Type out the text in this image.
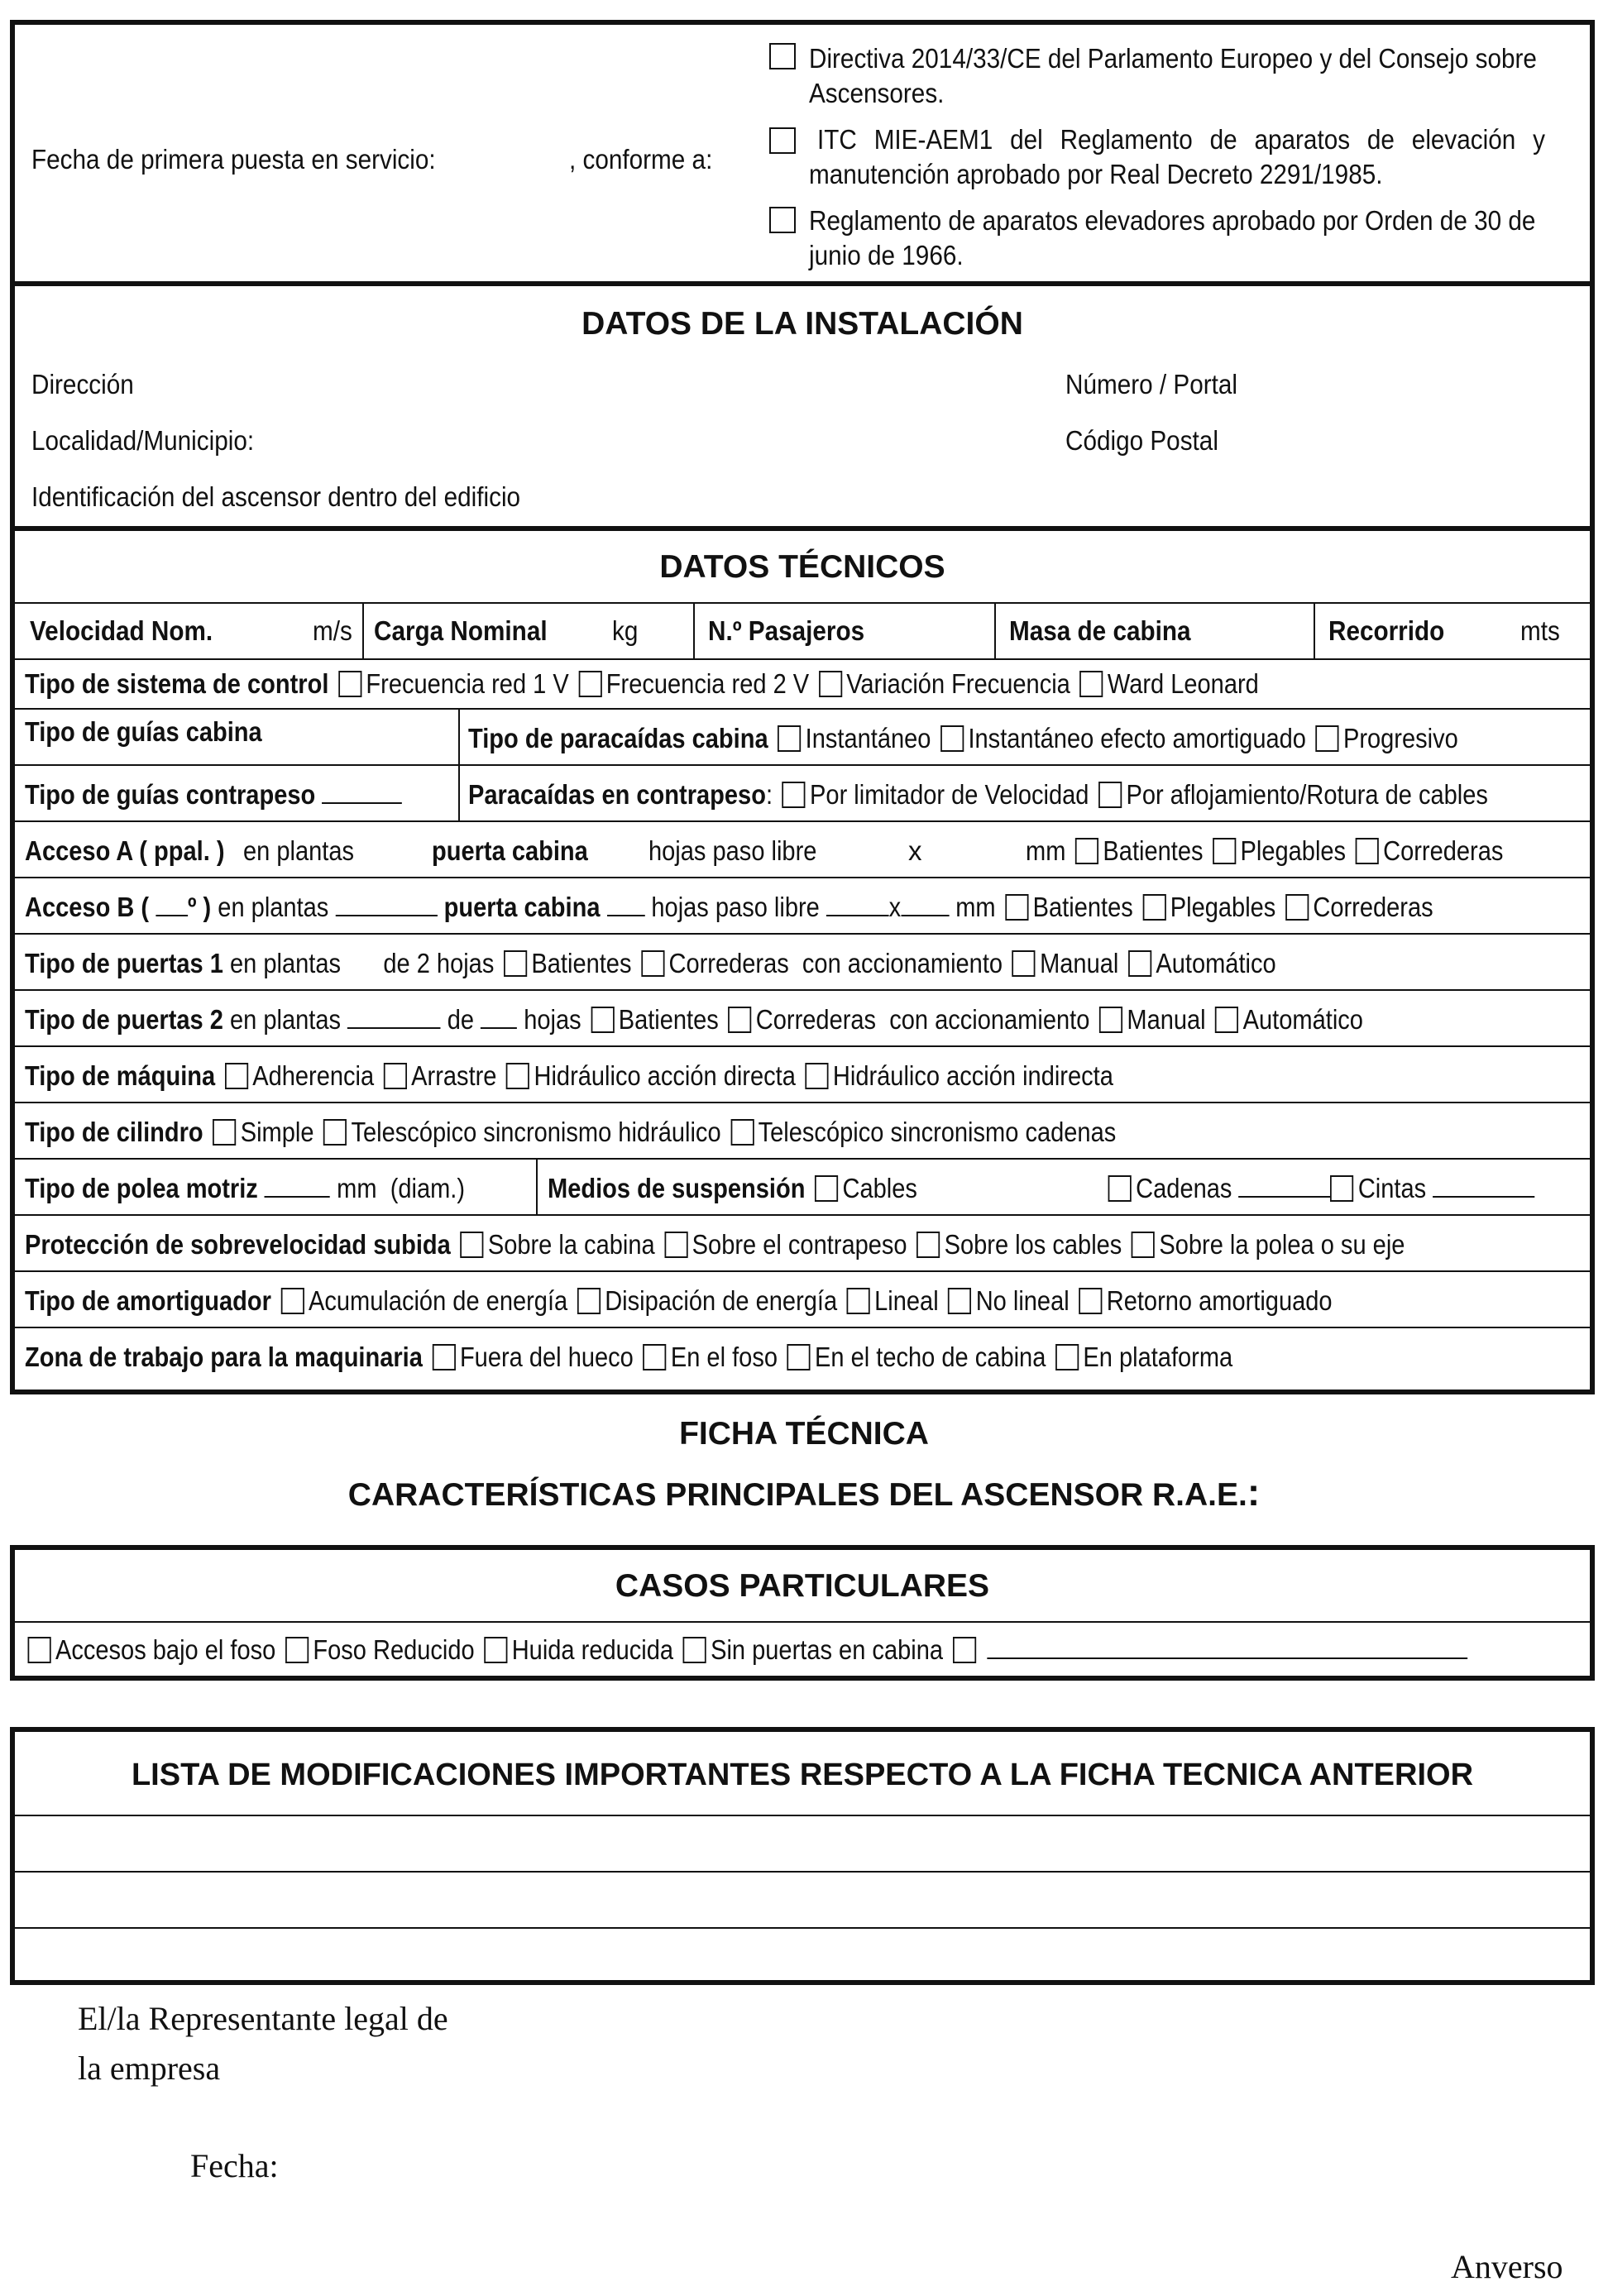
Fecha de primera puesta en servicio:	, conforme a:
Directiva 2014/33/CE del Parlamento Europeo y del Consejo sobre
Ascensores.
ITC MIE-AEM1 del Reglamento de aparatos de elevación y
manutención aprobado por Real Decreto 2291/1985.
Reglamento de aparatos elevadores aprobado por Orden de 30 de
junio de 1966.
DATOS DE LA INSTALACIÓN
Dirección	Número / Portal
Localidad/Municipio:	Código Postal
Identificación del ascensor dentro del edificio
DATOS TÉCNICOS
Velocidad Nom.	m/s Carga Nominal kg	N.º Pasajeros	Masa de cabina	Recorrido	mts
Tipo de sistema de control Frecuencia red 1 V Frecuencia red 2 V Variación Frecuencia Ward Leonard
Tipo de guías cabina	Tipo de paracaídas cabina Instantáneo Instantáneo efecto amortiguado Progresivo
Tipo de guías contrapeso	Paracaídas en contrapeso: Por limitador de Velocidad Por aflojamiento/Rotura de cables
Acceso A ( ppal. ) en plantas	puerta cabina hojas paso libre	x	mm Batientes Plegables Correderas
Acceso B ( º ) en plantas	puerta cabina hojas paso libre	x mm Batientes Plegables Correderas
Tipo de puertas 1 en plantas de 2 hojas Batientes Correderas  con accionamiento Manual Automático
Tipo de puertas 2 en plantas	de hojas Batientes Correderas  con accionamiento Manual Automático
Tipo de máquina Adherencia Arrastre Hidráulico acción directa Hidráulico acción indirecta
Tipo de cilindro Simple Telescópico sincronismo hidráulico Telescópico sincronismo cadenas
Tipo de polea motriz	mm  (diam.)	Medios de suspensión Cables	Cadenas	Cintas
Protección de sobrevelocidad subida Sobre la cabina Sobre el contrapeso Sobre los cables Sobre la polea o su eje
Tipo de amortiguador Acumulación de energía Disipación de energía Lineal No lineal Retorno amortiguado
Zona de trabajo para la maquinaria Fuera del hueco En el foso En el techo de cabina En plataforma
FICHA TÉCNICA
CARACTERÍSTICAS PRINCIPALES DEL ASCENSOR R.A.E.:
CASOS PARTICULARES
Accesos bajo el foso Foso Reducido Huida reducida Sin puertas en cabina
LISTA DE MODIFICACIONES IMPORTANTES RESPECTO A LA FICHA TECNICA ANTERIOR
El/la Representante legal de
la empresa
Fecha:
Anverso
